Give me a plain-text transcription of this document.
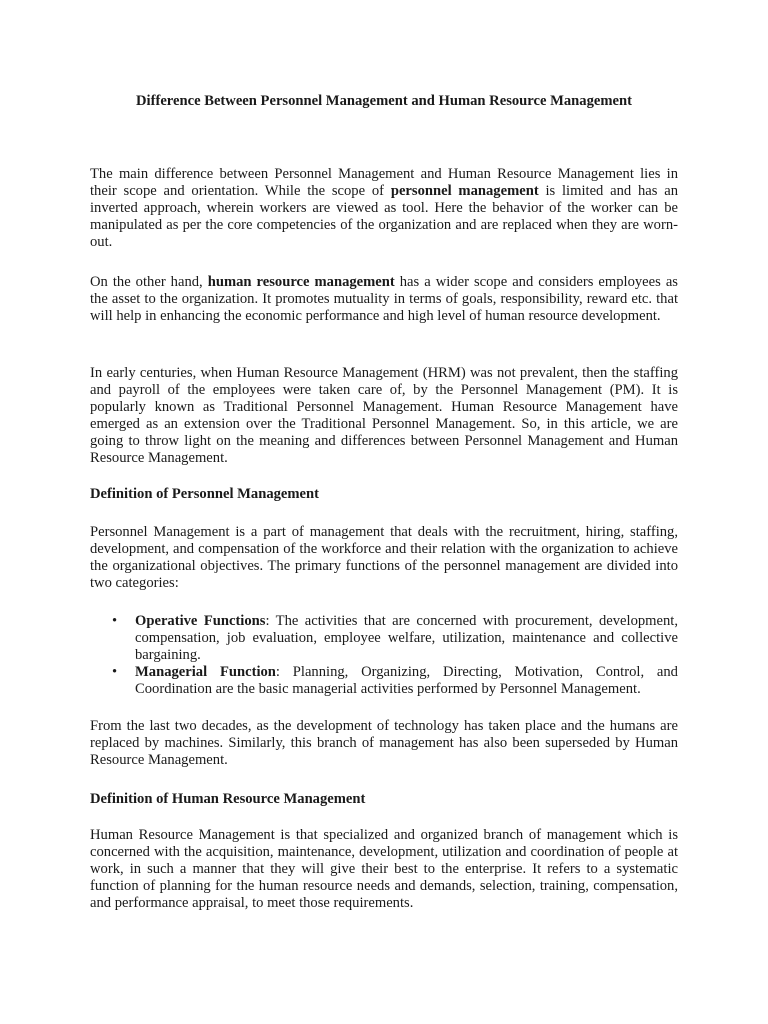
Difference Between Personnel Management and Human Resource Management

The main difference between Personnel Management and Human Resource Management lies in their scope and orientation. While the scope of personnel management is limited and has an inverted approach, wherein workers are viewed as tool. Here the behavior of the worker can be manipulated as per the core competencies of the organization and are replaced when they are worn-out.

On the other hand, human resource management has a wider scope and considers employees as the asset to the organization. It promotes mutuality in terms of goals, responsibility, reward etc. that will help in enhancing the economic performance and high level of human resource development.

In early centuries, when Human Resource Management (HRM) was not prevalent, then the staffing and payroll of the employees were taken care of, by the Personnel Management (PM). It is popularly known as Traditional Personnel Management. Human Resource Management have emerged as an extension over the Traditional Personnel Management. So, in this article, we are going to throw light on the meaning and differences between Personnel Management and Human Resource Management.

Definition of Personnel Management

Personnel Management is a part of management that deals with the recruitment, hiring, staffing, development, and compensation of the workforce and their relation with the organization to achieve the organizational objectives. The primary functions of the personnel management are divided into two categories:

• Operative Functions: The activities that are concerned with procurement, development, compensation, job evaluation, employee welfare, utilization, maintenance and collective bargaining.
• Managerial Function: Planning, Organizing, Directing, Motivation, Control, and Coordination are the basic managerial activities performed by Personnel Management.

From the last two decades, as the development of technology has taken place and the humans are replaced by machines. Similarly, this branch of management has also been superseded by Human Resource Management.

Definition of Human Resource Management

Human Resource Management is that specialized and organized branch of management which is concerned with the acquisition, maintenance, development, utilization and coordination of people at work, in such a manner that they will give their best to the enterprise. It refers to a systematic function of planning for the human resource needs and demands, selection, training, compensation, and performance appraisal, to meet those requirements.
